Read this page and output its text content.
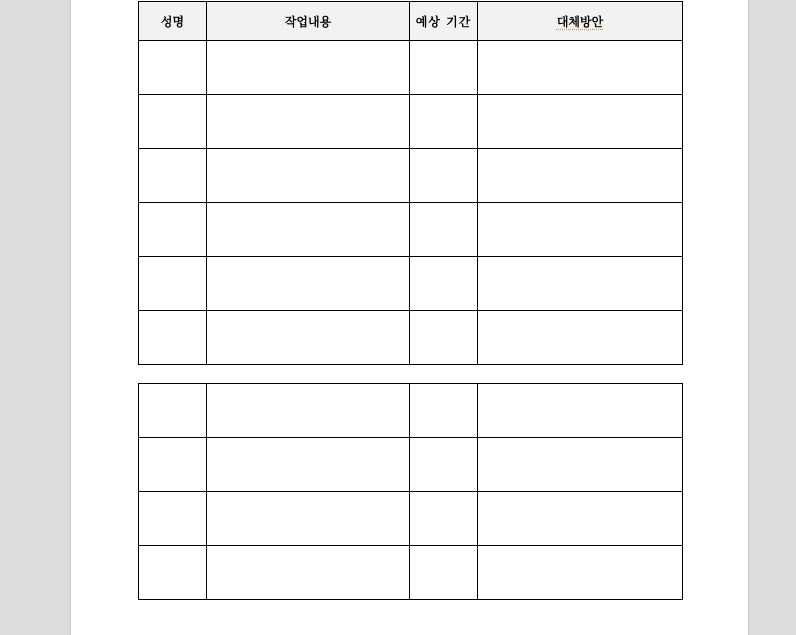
성명	작업내용	예상 기간	대체방안
